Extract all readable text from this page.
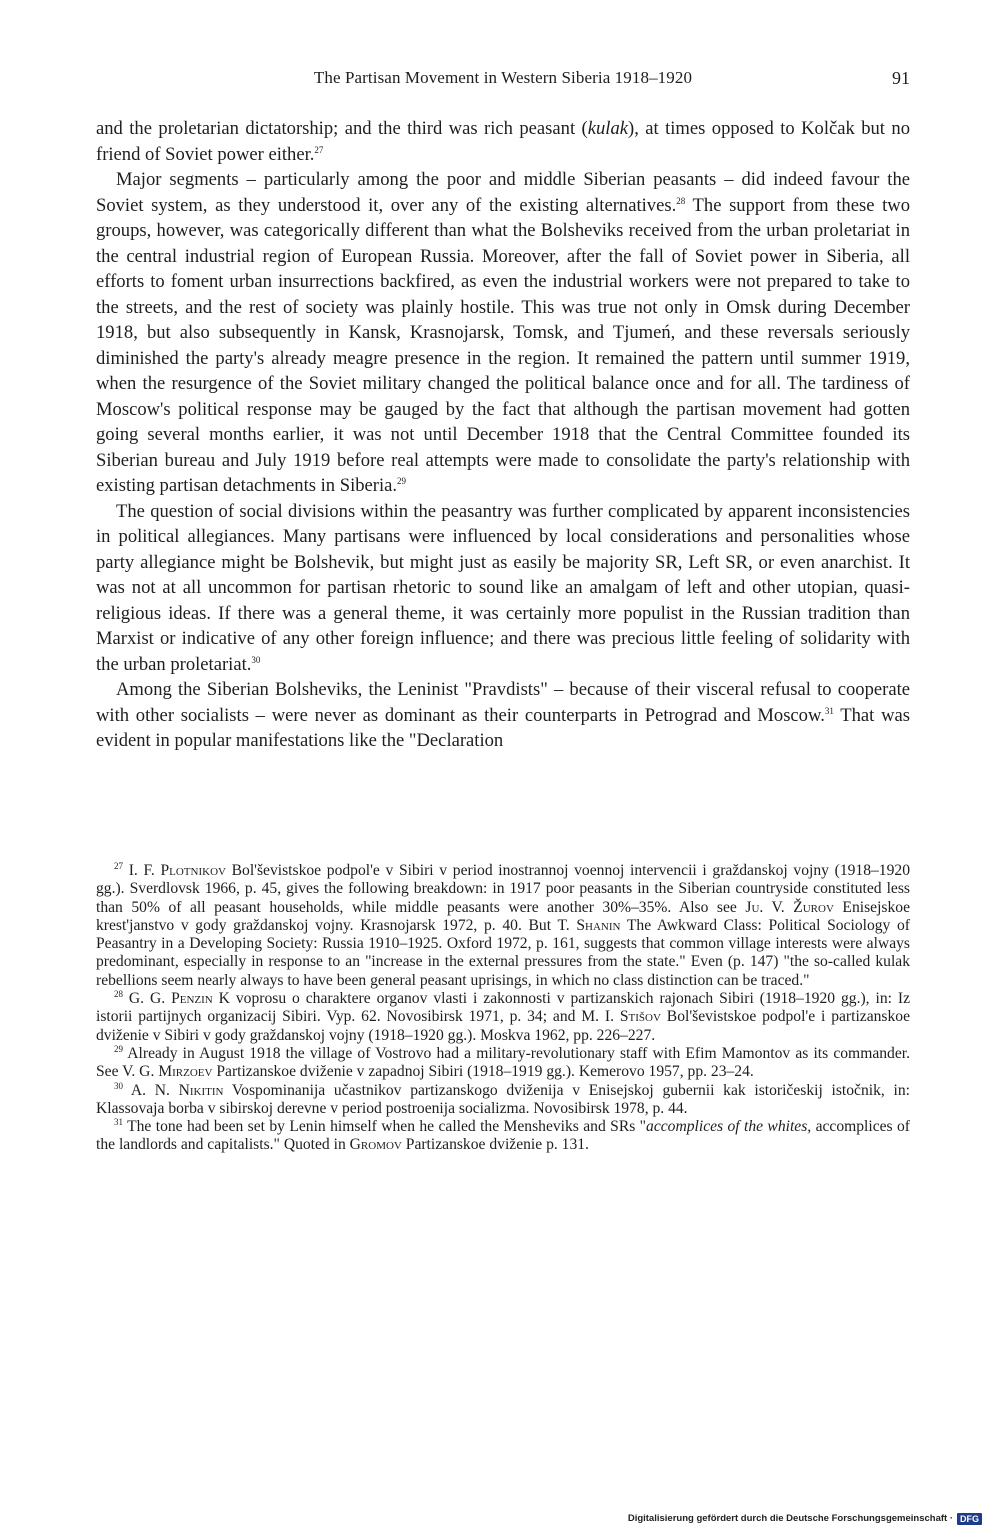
The Partisan Movement in Western Siberia 1918–1920	91

and the proletarian dictatorship; and the third was rich peasant (kulak), at times opposed to Kolčak but no friend of Soviet power either.$^{27}$

Major segments – particularly among the poor and middle Siberian peasants – did indeed favour the Soviet system, as they understood it, over any of the existing alternatives.$^{28}$ The support from these two groups, however, was categorically different than what the Bolsheviks received from the urban proletariat in the central industrial region of European Russia. Moreover, after the fall of Soviet power in Siberia, all efforts to foment urban insurrections backfired, as even the industrial workers were not prepared to take to the streets, and the rest of society was plainly hostile. This was true not only in Omsk during December 1918, but also subsequently in Kansk, Krasnojarsk, Tomsk, and Tjumeń, and these reversals seriously diminished the party's already meagre presence in the region. It remained the pattern until summer 1919, when the resurgence of the Soviet military changed the political balance once and for all. The tardiness of Moscow's political response may be gauged by the fact that although the partisan movement had gotten going several months earlier, it was not until December 1918 that the Central Committee founded its Siberian bureau and July 1919 before real attempts were made to consolidate the party's relationship with existing partisan detachments in Siberia.$^{29}$

The question of social divisions within the peasantry was further complicated by apparent inconsistencies in political allegiances. Many partisans were influenced by local considerations and personalities whose party allegiance might be Bolshevik, but might just as easily be majority SR, Left SR, or even anarchist. It was not at all uncommon for partisan rhetoric to sound like an amalgam of left and other utopian, quasi-religious ideas. If there was a general theme, it was certainly more populist in the Russian tradition than Marxist or indicative of any other foreign influence; and there was precious little feeling of solidarity with the urban proletariat.$^{30}$

Among the Siberian Bolsheviks, the Leninist "Pravdists" – because of their visceral refusal to cooperate with other socialists – were never as dominant as their counterparts in Petrograd and Moscow.$^{31}$ That was evident in popular manifestations like the "Declaration

$^{27}$ I. F. Plotnikov Bol'ševistskoe podpol'e v Sibiri v period inostrannoj voennoj intervencii i graždanskoj vojny (1918–1920 gg.). Sverdlovsk 1966, p. 45, gives the following breakdown: in 1917 poor peasants in the Siberian countryside constituted less than 50% of all peasant households, while middle peasants were another 30%–35%. Also see Ju. V. Žurov Enisejskoe krest'janstvo v gody graždanskoj vojny. Krasnojarsk 1972, p. 40. But T. Shanin The Awkward Class: Political Sociology of Peasantry in a Developing Society: Russia 1910–1925. Oxford 1972, p. 161, suggests that common village interests were always predominant, especially in response to an "increase in the external pressures from the state." Even (p. 147) "the so-called kulak rebellions seem nearly always to have been general peasant uprisings, in which no class distinction can be traced."

$^{28}$ G. G. Penzin K voprosu o charaktere organov vlasti i zakonnosti v partizanskich rajonach Sibiri (1918–1920 gg.), in: Iz istorii partijnych organizacij Sibiri. Vyp. 62. Novosibirsk 1971, p. 34; and M. I. Stišov Bol'ševistskoe podpol'e i partizanskoe dviženie v Sibiri v gody graždanskoj vojny (1918–1920 gg.). Moskva 1962, pp. 226–227.

$^{29}$ Already in August 1918 the village of Vostrovo had a military-revolutionary staff with Efim Mamontov as its commander. See V. G. Mirzoev Partizanskoe dviženie v zapadnoj Sibiri (1918–1919 gg.). Kemerovo 1957, pp. 23–24.

$^{30}$ A. N. Nikitin Vospominanija učastnikov partizanskogo dviženija v Enisejskoj gubernii kak istoričeskij istočnik, in: Klassovaja borba v sibirskoj derevne v period postroenija socializma. Novosibirsk 1978, p. 44.

$^{31}$ The tone had been set by Lenin himself when he called the Mensheviks and SRs "accomplices of the whites, accomplices of the landlords and capitalists." Quoted in Gromov Partizanskoe dviženie p. 131.

Digitalisierung gefördert durch die Deutsche Forschungsgemeinschaft · DFG
